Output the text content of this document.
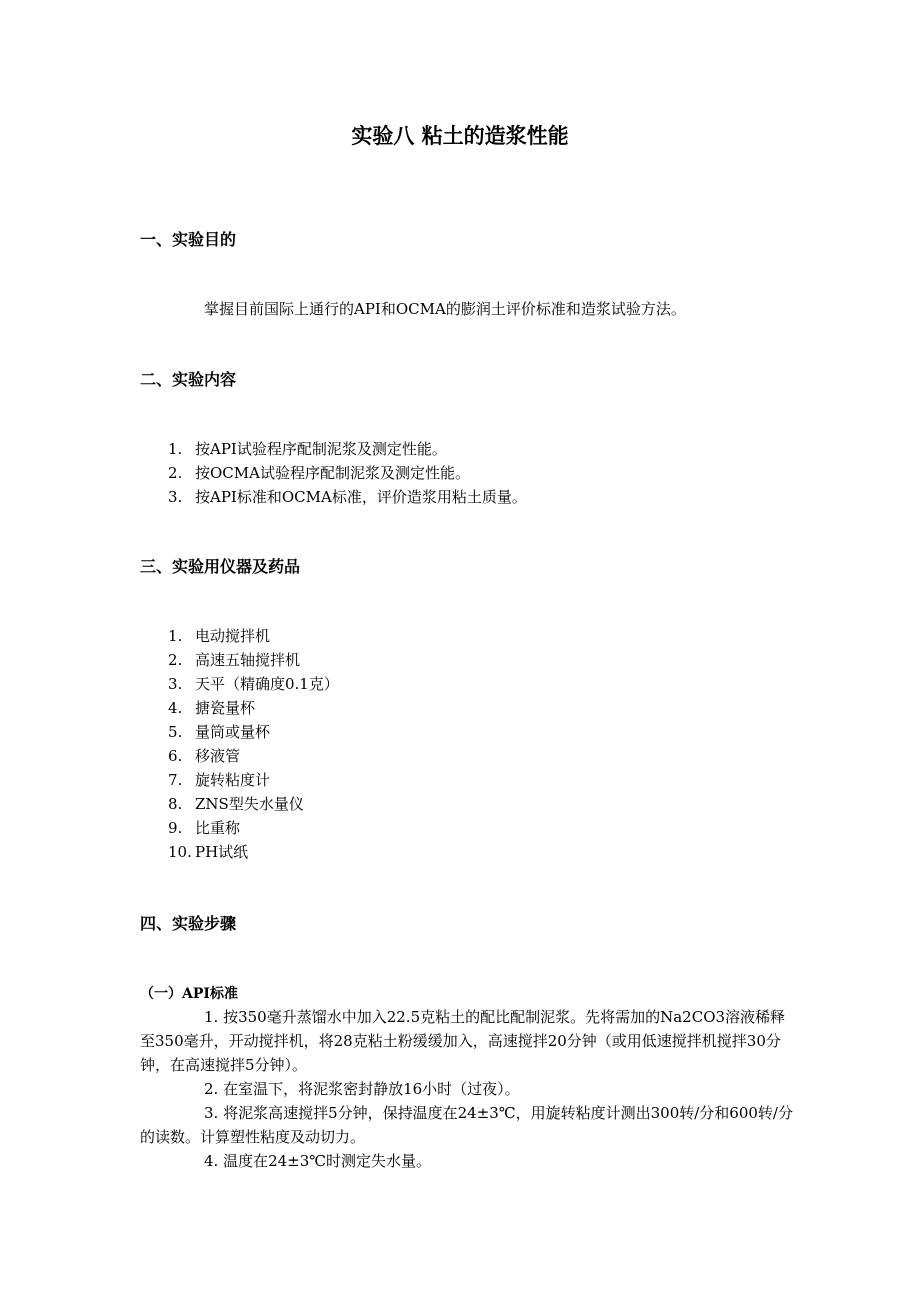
实验八 粘土的造浆性能
一、实验目的
掌握目前国际上通行的API和OCMA的膨润土评价标准和造浆试验方法。
二、实验内容
1. 按API试验程序配制泥浆及测定性能。
2. 按OCMA试验程序配制泥浆及测定性能。
3. 按API标准和OCMA标准，评价造浆用粘土质量。
三、实验用仪器及药品
1. 电动搅拌机
2. 高速五轴搅拌机
3. 天平（精确度0.1克）
4. 搪瓷量杯
5. 量筒或量杯
6. 移液管
7. 旋转粘度计
8. ZNS型失水量仪
9. 比重称
10. PH试纸
四、实验步骤
（一）API标准

1. 按350毫升蒸馏水中加入22.5克粘土的配比配制泥浆。先将需加的Na2CO3溶液稀释至350毫升，开动搅拌机，将28克粘土粉缓缓加入，高速搅拌20分钟（或用低速搅拌机搅拌30分钟，在高速搅拌5分钟）。

2. 在室温下，将泥浆密封静放16小时（过夜）。

3. 将泥浆高速搅拌5分钟，保持温度在24±3℃，用旋转粘度计测出300转/分和600转/分的读数。计算塑性粘度及动切力。

4. 温度在24±3℃时测定失水量。
